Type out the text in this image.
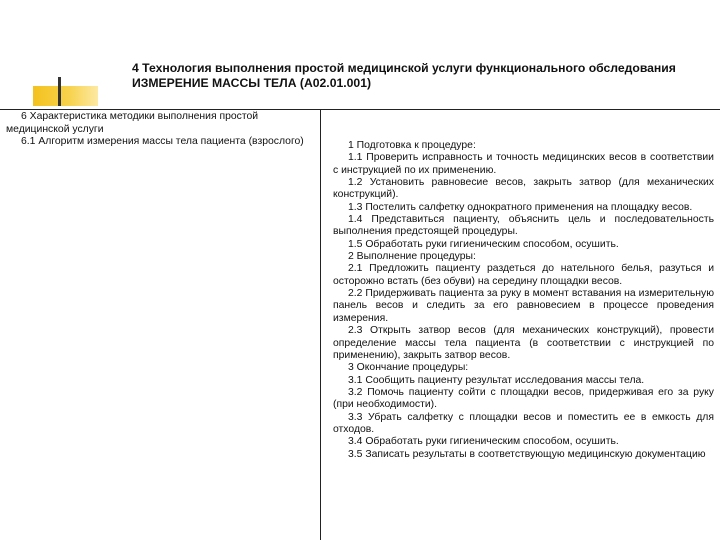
4 Технология выполнения простой медицинской услуги функционального обследования ИЗМЕРЕНИЕ МАССЫ ТЕЛА (А02.01.001)

6 Характеристика методики выполнения простой медицинской услуги

6.1 Алгоритм измерения массы тела пациента (взрослого)	1 Подготовка к процедуре:

1.1 Проверить исправность и точность медицинских весов в соответствии с инструкцией по их применению.

1.2 Установить равновесие весов, закрыть затвор (для механических конструкций).

1.3 Постелить салфетку однократного применения на площадку весов.

1.4 Представиться пациенту, объяснить цель и последовательность выполнения предстоящей процедуры.

1.5 Обработать руки гигиеническим способом, осушить.

2 Выполнение процедуры:

2.1 Предложить пациенту раздеться до нательного белья, разуться и осторожно встать (без обуви) на середину площадки весов.

2.2 Придерживать пациента за руку в момент вставания на измерительную панель весов и следить за его равновесием в процессе проведения измерения.

2.3 Открыть затвор весов (для механических конструкций), провести определение массы тела пациента (в соответствии с инструкцией по применению), закрыть затвор весов.

3 Окончание процедуры:

3.1 Сообщить пациенту результат исследования массы тела.

3.2 Помочь пациенту сойти с площадки весов, придерживая его за руку (при необходимости).

3.3 Убрать салфетку с площадки весов и поместить ее в емкость для отходов.

3.4 Обработать руки гигиеническим способом, осушить.

3.5 Записать результаты в соответствующую медицинскую документацию
